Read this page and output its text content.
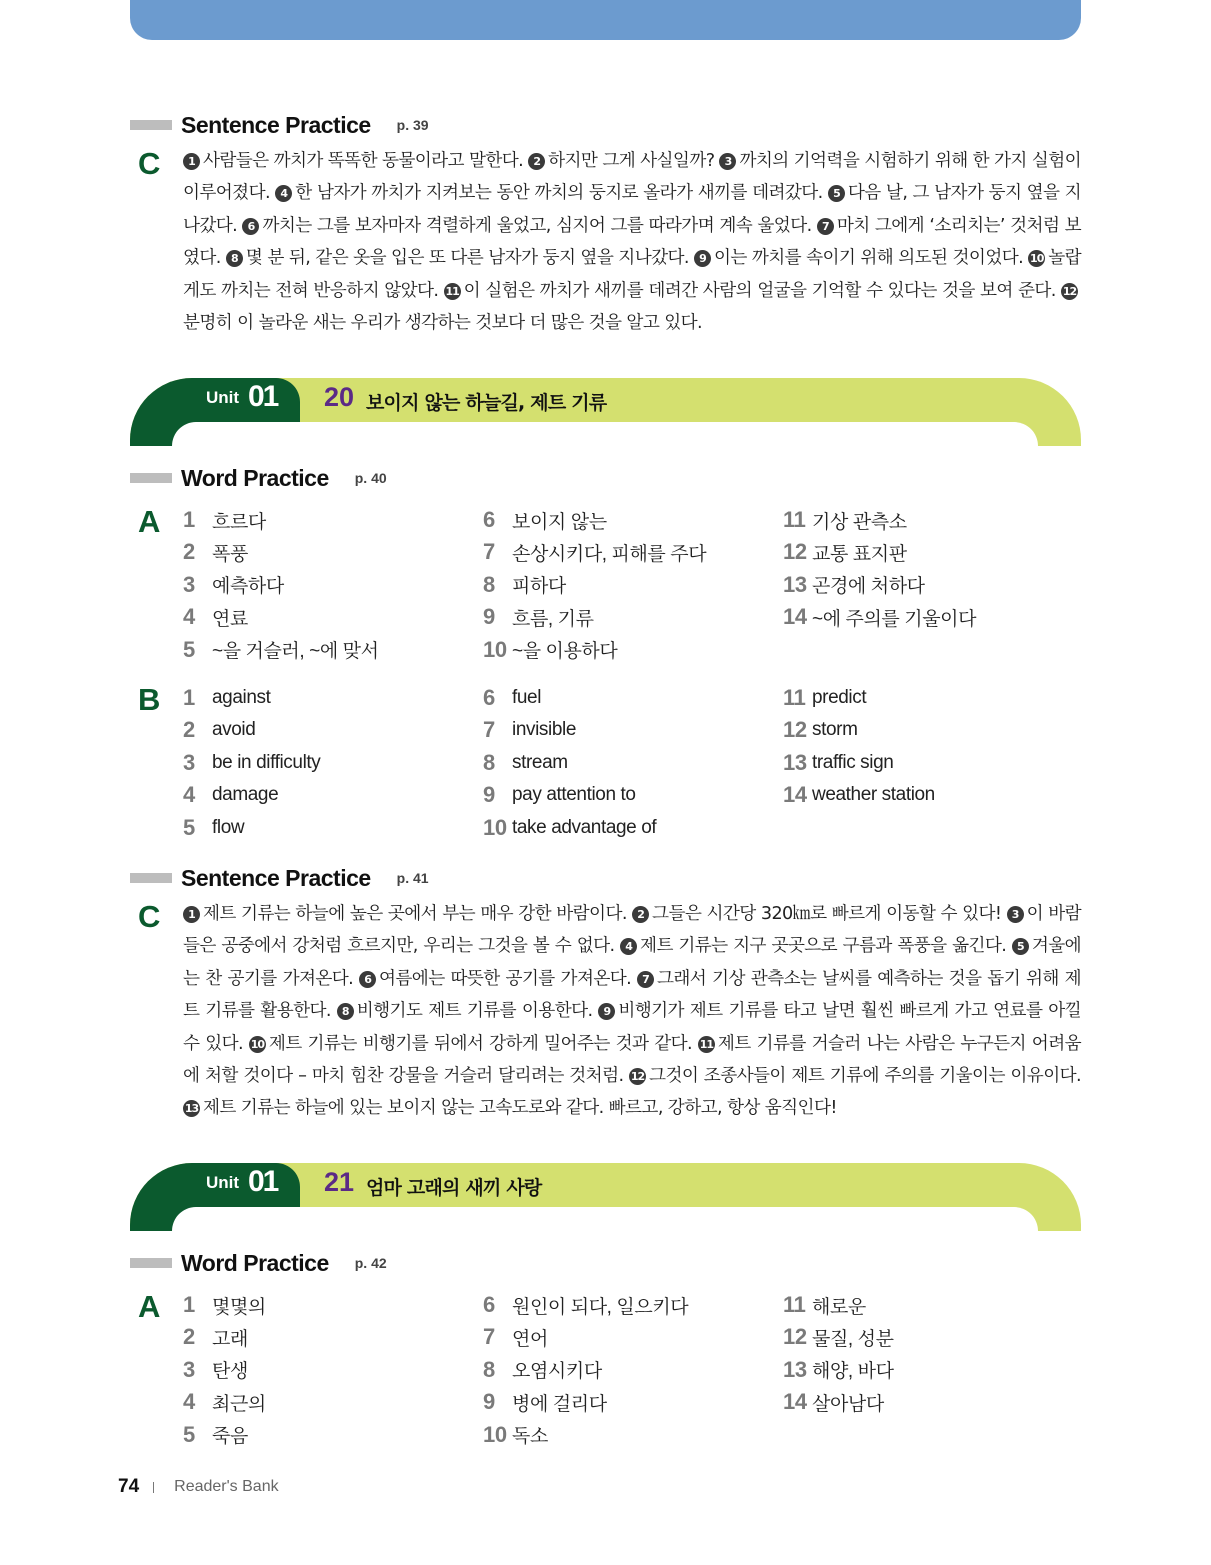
Sentence Practice p. 39
C	1 사람들은 까치가 똑똑한 동물이라고 말한다. 2 하지만 그게 사실일까? 3 까치의 기억력을 시험하기 위해 한 가지 실험이 이루어졌다. 4 한 남자가 까치가 지켜보는 동안 까치의 둥지로 올라가 새끼를 데려갔다. 5 다음 날, 그 남자가 둥지 옆을 지나갔다. 6 까치는 그를 보자마자 격렬하게 울었고, 심지어 그를 따라가며 계속 울었다. 7 마치 그에게 ‘소리치는’ 것처럼 보였다. 8 몇 분 뒤, 같은 옷을 입은 또 다른 남자가 둥지 옆을 지나갔다. 9 이는 까치를 속이기 위해 의도된 것이었다. 10 놀랍게도 까치는 전혀 반응하지 않았다. 11 이 실험은 까치가 새끼를 데려간 사람의 얼굴을 기억할 수 있다는 것을 보여 준다. 12분명히 이 놀라운 새는 우리가 생각하는 것보다 더 많은 것을 알고 있다.
Unit 01 20 보이지 않는 하늘길, 제트 기류
Word Practice p. 40
A 1 흐르다
2 폭풍
3 예측하다
4 연료
5 ~을 거슬러, ~에 맞서
6 보이지 않는
7 손상시키다, 피해를 주다
8 피하다
9 흐름, 기류
10 ~을 이용하다
11 기상 관측소
12 교통 표지판
13 곤경에 처하다
14 ~에 주의를 기울이다
B 1 against
2 avoid
3 be in difficulty
4 damage
5 flow
6 fuel
7 invisible
8 stream
9 pay attention to
10 take advantage of
11 predict
12 storm
13 traffic sign
14 weather station
Sentence Practice p. 41
C	1 제트 기류는 하늘에 높은 곳에서 부는 매우 강한 바람이다. 2 그들은 시간당 320㎞로 빠르게 이동할 수 있다! 3 이 바람들은 공중에서 강처럼 흐르지만, 우리는 그것을 볼 수 없다. 4 제트 기류는 지구 곳곳으로 구름과 폭풍을 옮긴다. 5 겨울에는 찬 공기를 가져온다. 6 여름에는 따뜻한 공기를 가져온다. 7 그래서 기상 관측소는 날씨를 예측하는 것을 돕기 위해 제트 기류를 활용한다. 8 비행기도 제트 기류를 이용한다. 9 비행기가 제트 기류를 타고 날면 훨씬 빠르게 가고 연료를 아낄 수 있다. 10 제트 기류는 비행기를 뒤에서 강하게 밀어주는 것과 같다. 11 제트 기류를 거슬러 나는 사람은 누구든지 어려움에 처할 것이다 – 마치 힘찬 강물을 거슬러 달리려는 것처럼. 12 그것이 조종사들이 제트 기류에 주의를 기울이는 이유이다. 13 제트 기류는 하늘에 있는 보이지 않는 고속도로와 같다. 빠르고, 강하고, 항상 움직인다!
Unit 01 21 엄마 고래의 새끼 사랑
Word Practice p. 42
A 1 몇몇의
2 고래
3 탄생
4 최근의
5 죽음
6 원인이 되다, 일으키다
7 연어
8 오염시키다
9 병에 걸리다
10 독소
11 해로운
12 물질, 성분
13 해양, 바다
14 살아남다
74 Reader's Bank
